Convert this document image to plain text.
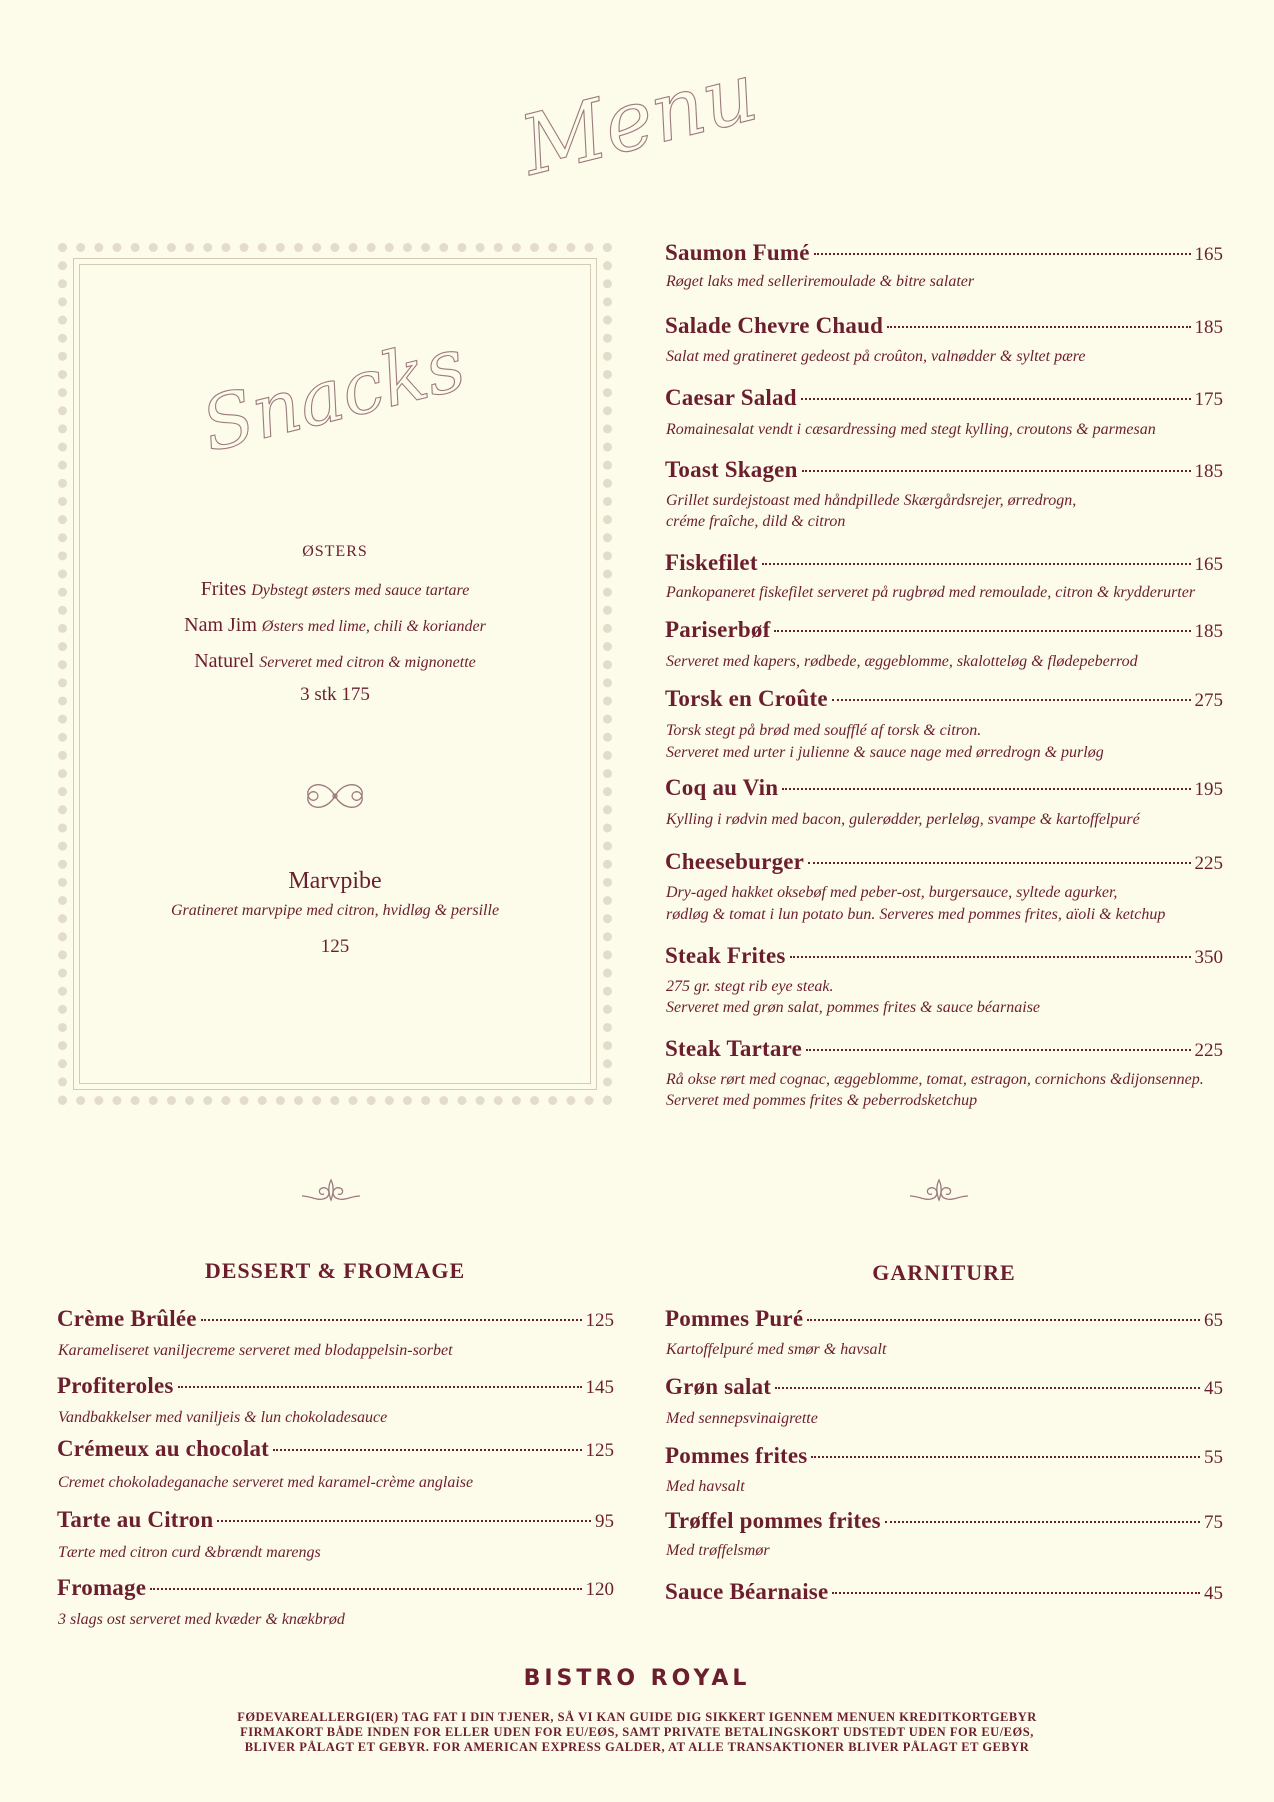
Menu
Snacks
ØSTERS
Frites Dybstegt østers med sauce tartare
Nam Jim Østers med lime, chili & koriander
Naturel Serveret med citron & mignonette
3 stk 175
Marvpibe
Gratineret marvpipe med citron, hvidløg & persille
125
Saumon Fumé	165
Røget laks med selleriremoulade & bitre salater
Salade Chevre Chaud	185
Salat med gratineret gedeost på croûton, valnødder & syltet pære
Caesar Salad	175
Romainesalat vendt i cæsardressing med stegt kylling, croutons & parmesan
Toast Skagen	185
Grillet surdejstoast med håndpillede Skærgårdsrejer, ørredrogn,
créme fraîche, dild & citron
Fiskefilet	165
Pankopaneret fiskefilet serveret på rugbrød med remoulade, citron & krydderurter
Pariserbøf	185
Serveret med kapers, rødbede, æggeblomme, skalotteløg & flødepeberrod
Torsk en Croûte	275
Torsk stegt på brød med soufflé af torsk & citron.
Serveret med urter i julienne & sauce nage med ørredrogn & purløg
Coq au Vin	195
Kylling i rødvin med bacon, gulerødder, perleløg, svampe & kartoffelpuré
Cheeseburger	225
Dry-aged hakket oksebøf med peber-ost, burgersauce, syltede agurker,
rødløg & tomat i lun potato bun. Serveres med pommes frites, aïoli & ketchup
Steak Frites	350
275 gr. stegt rib eye steak.
Serveret med grøn salat, pommes frites & sauce béarnaise
Steak Tartare	225
Rå okse rørt med cognac, æggeblomme, tomat, estragon, cornichons &dijonsennep.
Serveret med pommes frites & peberrodsketchup
DESSERT & FROMAGE
Crème Brûlée	125
Karameliseret vaniljecreme serveret med blodappelsin-sorbet
Profiteroles	145
Vandbakkelser med vaniljeis & lun chokoladesauce
Crémeux au chocolat	125
Cremet chokoladeganache serveret med karamel-crème anglaise
Tarte au Citron	95
Tærte med citron curd &brændt marengs
Fromage	120
3 slags ost serveret med kvæder & knækbrød
GARNITURE
Pommes Puré	65
Kartoffelpuré med smør & havsalt
Grøn salat	45
Med sennepsvinaigrette
Pommes frites	55
Med havsalt
Trøffel pommes frites	75
Med trøffelsmør
Sauce Béarnaise	45
BISTRO ROYAL
FØDEVAREALLERGI(ER) TAG FAT I DIN TJENER, SÅ VI KAN GUIDE DIG SIKKERT IGENNEM MENUEN KREDITKORTGEBYR
FIRMAKORT BÅDE INDEN FOR ELLER UDEN FOR EU/EØS, SAMT PRIVATE BETALINGSKORT UDSTEDT UDEN FOR EU/EØS,
BLIVER PÅLAGT ET GEBYR. FOR AMERICAN EXPRESS GALDER, AT ALLE TRANSAKTIONER BLIVER PÅLAGT ET GEBYR
